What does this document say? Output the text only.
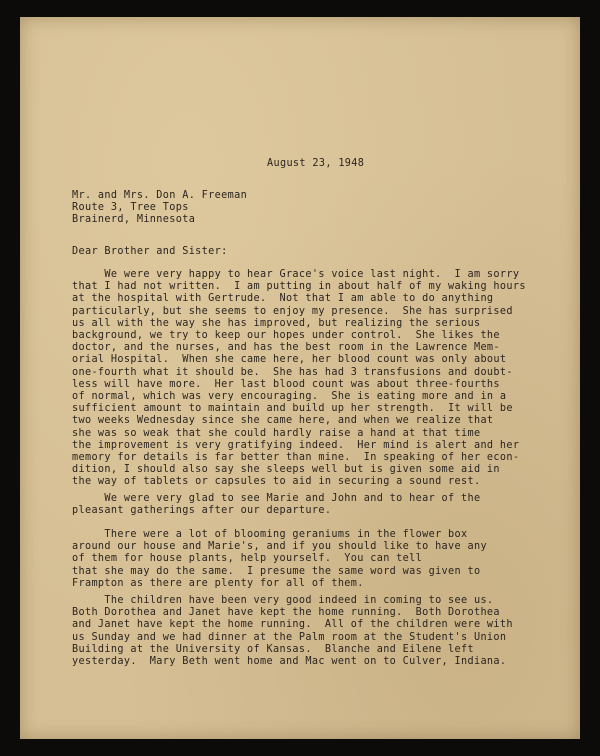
August 23, 1948
Mr. and Mrs. Don A. Freeman
Route 3, Tree Tops
Brainerd, Minnesota
Dear Brother and Sister:
We were very happy to hear Grace's voice last night.  I am sorry
that I had not written.  I am putting in about half of my waking hours
at the hospital with Gertrude.  Not that I am able to do anything
particularly, but she seems to enjoy my presence.  She has surprised
us all with the way she has improved, but realizing the serious
background, we try to keep our hopes under control.  She likes the
doctor, and the nurses, and has the best room in the Lawrence Mem-
orial Hospital.  When she came here, her blood count was only about
one-fourth what it should be.  She has had 3 transfusions and doubt-
less will have more.  Her last blood count was about three-fourths
of normal, which was very encouraging.  She is eating more and in a
sufficient amount to maintain and build up her strength.  It will be
two weeks Wednesday since she came here, and when we realize that
she was so weak that she could hardly raise a hand at that time
the improvement is very gratifying indeed.  Her mind is alert and her
memory for details is far better than mine.  In speaking of her econ-
dition, I should also say she sleeps well but is given some aid in
the way of tablets or capsules to aid in securing a sound rest.
We were very glad to see Marie and John and to hear of the
pleasant gatherings after our departure.
There were a lot of blooming geraniums in the flower box
around our house and Marie's, and if you should like to have any
of them for house plants, help yourself.  You can tell
that she may do the same.  I presume the same word was given to
Frampton as there are plenty for all of them.
The children have been very good indeed in coming to see us.
Both Dorothea and Janet have kept the home running.  Both Dorothea
and Janet have kept the home running.  All of the children were with
us Sunday and we had dinner at the Palm room at the Student's Union
Building at the University of Kansas.  Blanche and Eilene left
yesterday.  Mary Beth went home and Mac went on to Culver, Indiana.
